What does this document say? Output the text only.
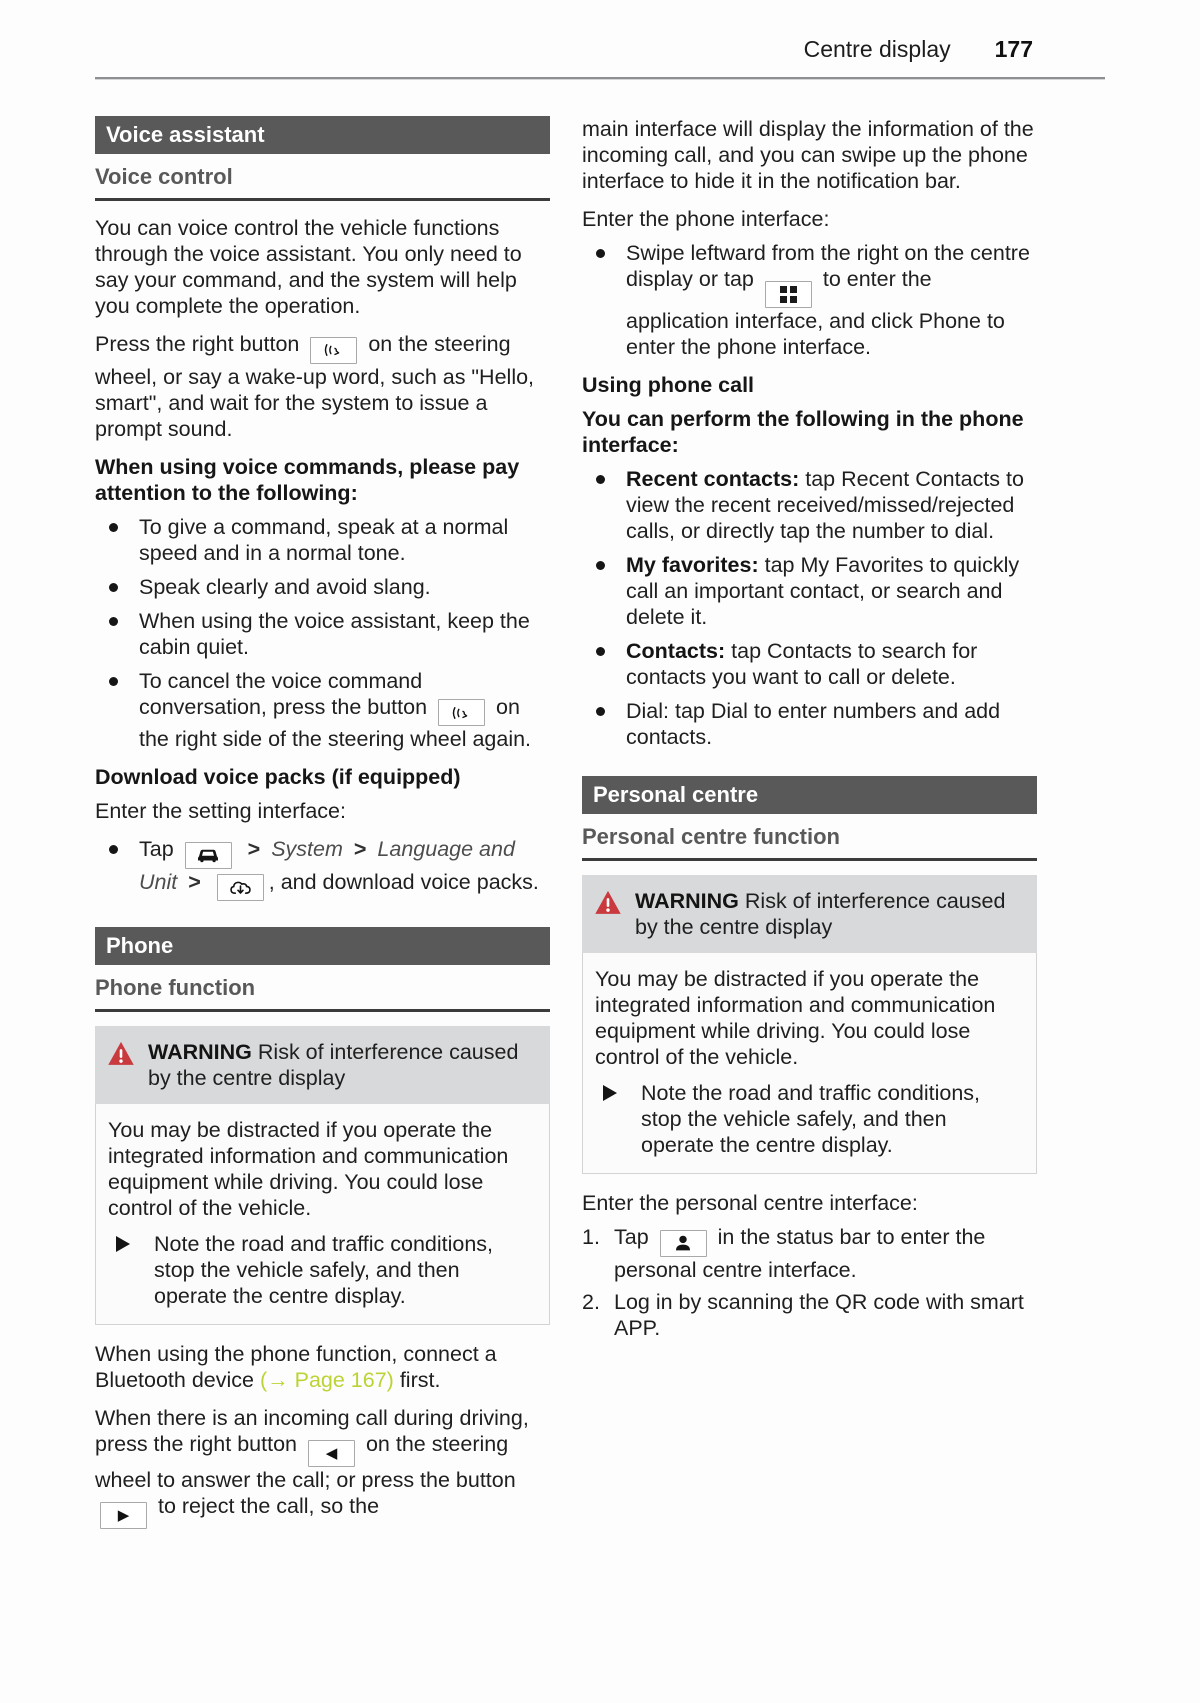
Centre display 177
Voice assistant
Voice control

You can voice control the vehicle functions through the voice assistant. You only need to say your command, and the system will help you complete the operation.

Press the right button	on the steering wheel, or say a wake-up word, such as "Hello, smart", and wait for the system to issue a prompt sound.

When using voice commands, please pay attention to the following:

To give a command, speak at a normal speed and in a normal tone.
Speak clearly and avoid slang.
When using the voice assistant, keep the cabin quiet.
To cancel the voice command conversation, press the button	on the right side of the steering wheel again.

Download voice packs (if equipped)

Enter the setting interface:

Tap	> System > Language and Unit >	, and download voice packs.
Phone
Phone function
WARNING Risk of interference caused by the centre display

You may be distracted if you operate the integrated information and communication equipment while driving. You could lose control of the vehicle.

Note the road and traffic conditions, stop the vehicle safely, and then operate the centre display.

When using the phone function, connect a Bluetooth device (→ Page 167) first.

When there is an incoming call during driving, press the right button ◀ on the steering wheel to answer the call; or press the button
▶ to reject the call, so the

main interface will display the information of the incoming call, and you can swipe up the phone interface to hide it in the notification bar.

Enter the phone interface:

Swipe leftward from the right on the centre display or tap	to enter the application interface, and click Phone to enter the phone interface.

Using phone call

You can perform the following in the phone interface:

Recent contacts: tap Recent Contacts to view the recent received/missed/rejected calls, or directly tap the number to dial.
My favorites: tap My Favorites to quickly call an important contact, or search and delete it.
Contacts: tap Contacts to search for contacts you want to call or delete.
Dial: tap Dial to enter numbers and add contacts.
Personal centre
Personal centre function
WARNING Risk of interference caused by the centre display

You may be distracted if you operate the integrated information and communication equipment while driving. You could lose control of the vehicle.

Note the road and traffic conditions, stop the vehicle safely, and then operate the centre display.

Enter the personal centre interface:

1. Tap	in the status bar to enter the personal centre interface.
2. Log in by scanning the QR code with smart APP.
